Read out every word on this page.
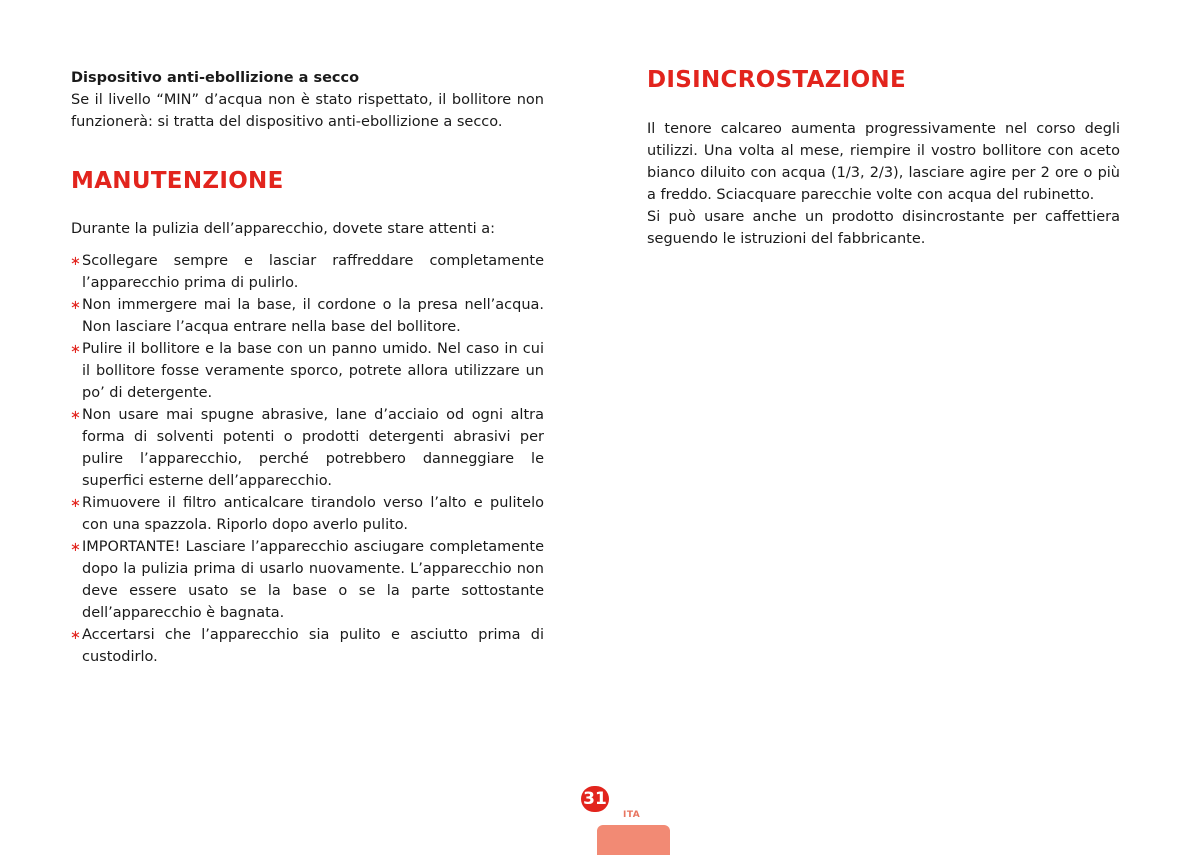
Dispositivo anti-ebollizione a secco

Se il livello “MIN” d’acqua non è stato rispettato, il bollitore non funzionerà: si tratta del dispositivo anti-ebollizione a secco.

MANUTENZIONE

Durante la pulizia dell’apparecchio, dovete stare attenti a:

∗ Scollegare sempre e lasciar raffreddare completamente l’apparecchio prima di pulirlo.
∗ Non immergere mai la base, il cordone o la presa nell’acqua. Non lasciare l’acqua entrare nella base del bollitore.
∗ Pulire il bollitore e la base con un panno umido. Nel caso in cui il bollitore fosse veramente sporco, potrete allora utilizzare un po’ di detergente.
∗ Non usare mai spugne abrasive, lane d’acciaio od ogni altra forma di solventi potenti o prodotti detergenti abrasivi per pulire l’apparecchio, perché potrebbero danneggiare le superfici esterne dell’apparecchio.
∗ Rimuovere il filtro anticalcare tirandolo verso l’alto e pulitelo con una spazzola. Riporlo dopo averlo pulito.
∗ IMPORTANTE! Lasciare l’apparecchio asciugare completamente dopo la pulizia prima di usarlo nuovamente. L’apparecchio non deve essere usato se la base o se la parte sottostante dell’apparecchio è bagnata.
∗ Accertarsi che l’apparecchio sia pulito e asciutto prima di custodirlo.
DISINCROSTAZIONE

Il tenore calcareo aumenta progressivamente nel corso degli utilizzi. Una volta al mese, riempire il vostro bollitore con aceto bianco diluito con acqua (1/3, 2/3), lasciare agire per 2 ore o più a freddo. Sciacquare parecchie volte con acqua del rubinetto.

Si può usare anche un prodotto disincrostante per caffettiera seguendo le istruzioni del fabbricante.

31
ITA
